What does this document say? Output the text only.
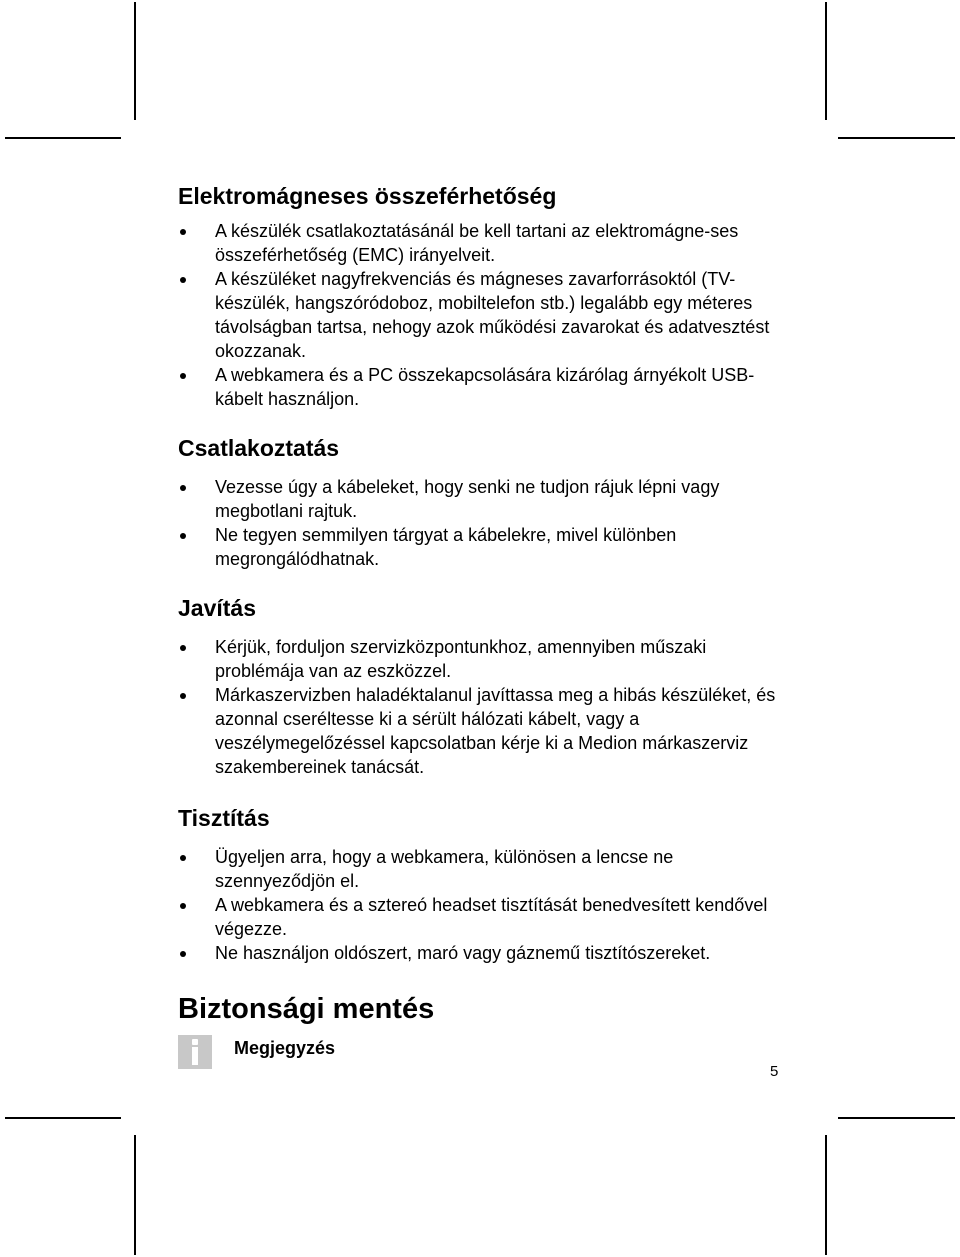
Elektromágneses összeférhetőség
A készülék csatlakoztatásánál be kell tartani az elektromágne-ses összeférhetőség (EMC) irányelveit.
A készüléket nagyfrekvenciás és mágneses zavarforrásoktól (TV-készülék, hangszóródoboz, mobiltelefon stb.) legalább egy méteres távolságban tartsa, nehogy azok működési zavarokat és adatvesztést okozzanak.
A webkamera és a PC összekapcsolására kizárólag árnyékolt USB-kábelt használjon.
Csatlakoztatás
Vezesse úgy a kábeleket, hogy senki ne tudjon rájuk lépni vagy megbotlani rajtuk.
Ne tegyen semmilyen tárgyat a kábelekre, mivel különben megrongálódhatnak.
Javítás
Kérjük, forduljon szervizközpontunkhoz, amennyiben műszaki problémája van az eszközzel.
Márkaszervizben haladéktalanul javíttassa meg a hibás készüléket, és azonnal cseréltesse ki a sérült hálózati kábelt, vagy a veszélymegelőzéssel kapcsolatban kérje ki a Medion márkaszerviz szakembereinek tanácsát.
Tisztítás
Ügyeljen arra, hogy a webkamera, különösen a lencse ne szennyeződjön el.
A webkamera és a sztereó headset tisztítását benedvesített kendővel végezze.
Ne használjon oldószert, maró vagy gáznemű tisztítószereket.
Biztonsági mentés
Megjegyzés
5
